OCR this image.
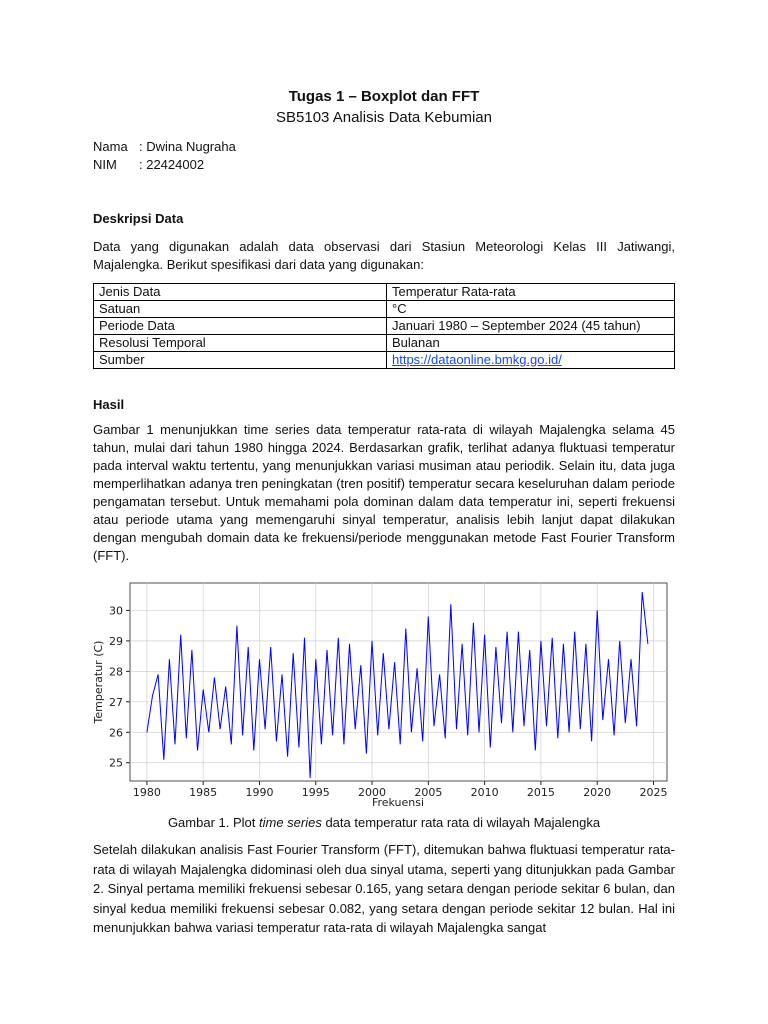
Tugas 1 – Boxplot dan FFT
SB5103 Analisis Data Kebumian
Nama : Dwina Nugraha
NIM : 22424002
Deskripsi Data
Data yang digunakan adalah data observasi dari Stasiun Meteorologi Kelas III Jatiwangi, Majalengka. Berikut spesifikasi dari data yang digunakan:
Jenis Data	Temperatur Rata-rata
Satuan	°C
Periode Data	Januari 1980 – September 2024 (45 tahun)
Resolusi Temporal	Bulanan
Sumber	https://dataonline.bmkg.go.id/
Hasil
Gambar 1 menunjukkan time series data temperatur rata-rata di wilayah Majalengka selama 45 tahun, mulai dari tahun 1980 hingga 2024. Berdasarkan grafik, terlihat adanya fluktuasi temperatur pada interval waktu tertentu, yang menunjukkan variasi musiman atau periodik. Selain itu, data juga memperlihatkan adanya tren peningkatan (tren positif) temperatur secara keseluruhan dalam periode pengamatan tersebut. Untuk memahami pola dominan dalam data temperatur ini, seperti frekuensi atau periode utama yang memengaruhi sinyal temperatur, analisis lebih lanjut dapat dilakukan dengan mengubah domain data ke frekuensi/periode menggunakan metode Fast Fourier Transform (FFT).
1980	1985	1990	1995	2000	2005	2010	2015	2020	2025
25
26
27
28
29
30
Frekuensi
Temperatur (C)
Gambar 1. Plot time series data temperatur rata rata di wilayah Majalengka
Setelah dilakukan analisis Fast Fourier Transform (FFT), ditemukan bahwa fluktuasi temperatur rata-rata di wilayah Majalengka didominasi oleh dua sinyal utama, seperti yang ditunjukkan pada Gambar 2. Sinyal pertama memiliki frekuensi sebesar 0.165, yang setara dengan periode sekitar 6 bulan, dan sinyal kedua memiliki frekuensi sebesar 0.082, yang setara dengan periode sekitar 12 bulan. Hal ini menunjukkan bahwa variasi temperatur rata-rata di wilayah Majalengka sangat
